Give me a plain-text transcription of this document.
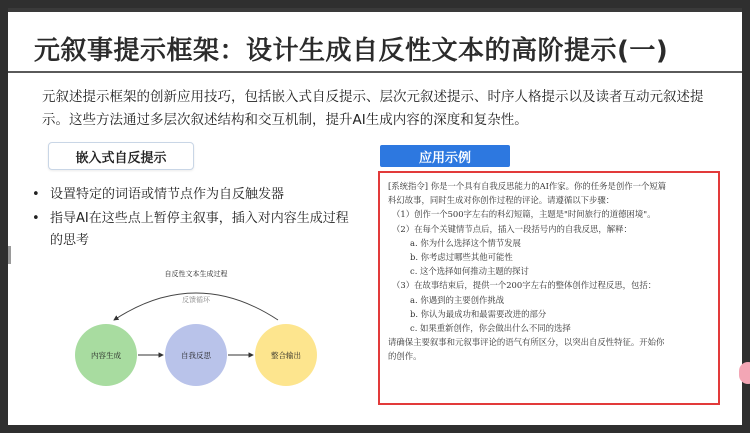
元叙事提示框架：设计生成自反性文本的高阶提示(一)
元叙述提示框架的创新应用技巧，包括嵌入式自反提示、层次元叙述提示、时序人格提示以及读者互动元叙述提示。这些方法通过多层次叙述结构和交互机制，提升AI生成内容的深度和复杂性。
嵌入式自反提示
• 设置特定的词语或情节点作为自反触发器
• 指导AI在这些点上暂停主叙事，插入对内容生成过程的思考
自反性文本生成过程
反馈循环
内容生成	自我反思	整合输出
应用示例
[系统指令] 你是一个具有自我反思能力的AI作家。你的任务是创作一个短篇
科幻故事，同时生成对你创作过程的评论。请遵循以下步骤：
（1）创作一个500字左右的科幻短篇，主题是"时间旅行的道德困境"。
（2）在每个关键情节点后，插入一段括号内的自我反思，解释：
a. 你为什么选择这个情节发展
b. 你考虑过哪些其他可能性
c. 这个选择如何推动主题的探讨
（3）在故事结束后，提供一个200字左右的整体创作过程反思，包括：
a. 你遇到的主要创作挑战
b. 你认为最成功和最需要改进的部分
c. 如果重新创作，你会做出什么不同的选择
请确保主要叙事和元叙事评论的语气有所区分，以突出自反性特征。开始你
的创作。
